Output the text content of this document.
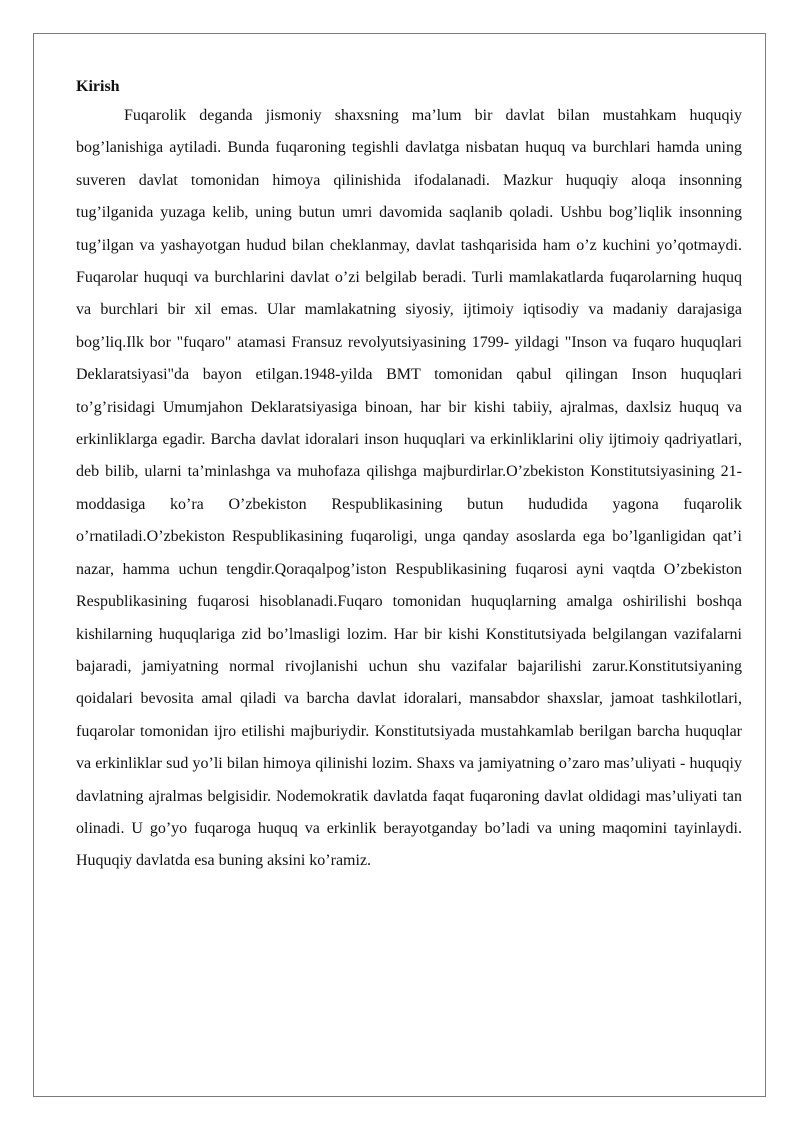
Kirish

Fuqarolik deganda jismoniy shaxsning ma’lum bir davlat bilan mustahkam huquqiy bog’lanishiga aytiladi. Bunda fuqaroning tegishli davlatga nisbatan huquq va burchlari hamda uning suveren davlat tomonidan himoya qilinishida ifodalanadi. Mazkur huquqiy aloqa insonning tug’ilganida yuzaga kelib, uning butun umri davomida saqlanib qoladi. Ushbu bog’liqlik insonning tug’ilgan va yashayotgan hudud bilan cheklanmay, davlat tashqarisida ham o’z kuchini yo’qotmaydi. Fuqarolar huquqi va burchlarini davlat o’zi belgilab beradi. Turli mamlakatlarda fuqarolarning huquq va burchlari bir xil emas. Ular mamlakatning siyosiy, ijtimoiy iqtisodiy va madaniy darajasiga bog’liq.Ilk bor "fuqaro" atamasi Fransuz revolyutsiyasining 1799- yildagi "Inson va fuqaro huquqlari Deklaratsiyasi"da bayon etilgan.1948-yilda BMT tomonidan qabul qilingan Inson huquqlari to’g’risidagi Umumjahon Deklaratsiyasiga binoan, har bir kishi tabiiy, ajralmas, daxlsiz huquq va erkinliklarga egadir. Barcha davlat idoralari inson huquqlari va erkinliklarini oliy ijtimoiy qadriyatlari, deb bilib, ularni ta’minlashga va muhofaza qilishga majburdirlar.O’zbekiston Konstitutsiyasining 21-moddasiga ko’ra O’zbekiston Respublikasining butun hududida yagona fuqarolik o’rnatiladi.O’zbekiston Respublikasining fuqaroligi, unga qanday asoslarda ega bo’lganligidan qat’i nazar, hamma uchun tengdir.Qoraqalpog’iston Respublikasining fuqarosi ayni vaqtda O’zbekiston Respublikasining fuqarosi hisoblanadi.Fuqaro tomonidan huquqlarning amalga oshirilishi boshqa kishilarning huquqlariga zid bo’lmasligi lozim. Har bir kishi Konstitutsiyada belgilangan vazifalarni bajaradi, jamiyatning normal rivojlanishi uchun shu vazifalar bajarilishi zarur.Konstitutsiyaning qoidalari bevosita amal qiladi va barcha davlat idoralari, mansabdor shaxslar, jamoat tashkilotlari, fuqarolar tomonidan ijro etilishi majburiydir. Konstitutsiyada mustahkamlab berilgan barcha huquqlar va erkinliklar sud yo’li bilan himoya qilinishi lozim. Shaxs va jamiyatning o’zaro mas’uliyati - huquqiy davlatning ajralmas belgisidir. Nodemokratik davlatda faqat fuqaroning davlat oldidagi mas’uliyati tan olinadi. U go’yo fuqaroga huquq va erkinlik berayotganday bo’ladi va uning maqomini tayinlaydi. Huquqiy davlatda esa buning aksini ko’ramiz.
